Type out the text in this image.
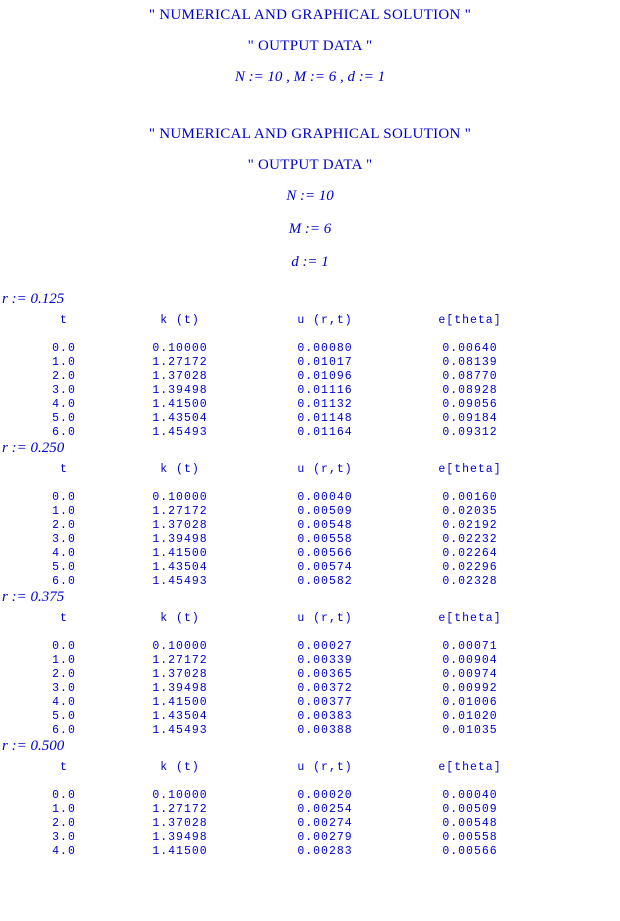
" NUMERICAL AND GRAPHICAL SOLUTION "
" OUTPUT DATA "
N := 10 , M := 6 , d := 1
" NUMERICAL AND GRAPHICAL SOLUTION "
" OUTPUT DATA "
N := 10
M := 6
d := 1
r := 0.125
t	k (t)	u (r,t)	e[theta]
0.0	0.10000	0.00080	0.00640
1.0	1.27172	0.01017	0.08139
2.0	1.37028	0.01096	0.08770
3.0	1.39498	0.01116	0.08928
4.0	1.41500	0.01132	0.09056
5.0	1.43504	0.01148	0.09184
6.0	1.45493	0.01164	0.09312
r := 0.250
t	k (t)	u (r,t)	e[theta]
0.0	0.10000	0.00040	0.00160
1.0	1.27172	0.00509	0.02035
2.0	1.37028	0.00548	0.02192
3.0	1.39498	0.00558	0.02232
4.0	1.41500	0.00566	0.02264
5.0	1.43504	0.00574	0.02296
6.0	1.45493	0.00582	0.02328
r := 0.375
t	k (t)	u (r,t)	e[theta]
0.0	0.10000	0.00027	0.00071
1.0	1.27172	0.00339	0.00904
2.0	1.37028	0.00365	0.00974
3.0	1.39498	0.00372	0.00992
4.0	1.41500	0.00377	0.01006
5.0	1.43504	0.00383	0.01020
6.0	1.45493	0.00388	0.01035
r := 0.500
t	k (t)	u (r,t)	e[theta]
0.0	0.10000	0.00020	0.00040
1.0	1.27172	0.00254	0.00509
2.0	1.37028	0.00274	0.00548
3.0	1.39498	0.00279	0.00558
4.0	1.41500	0.00283	0.00566
